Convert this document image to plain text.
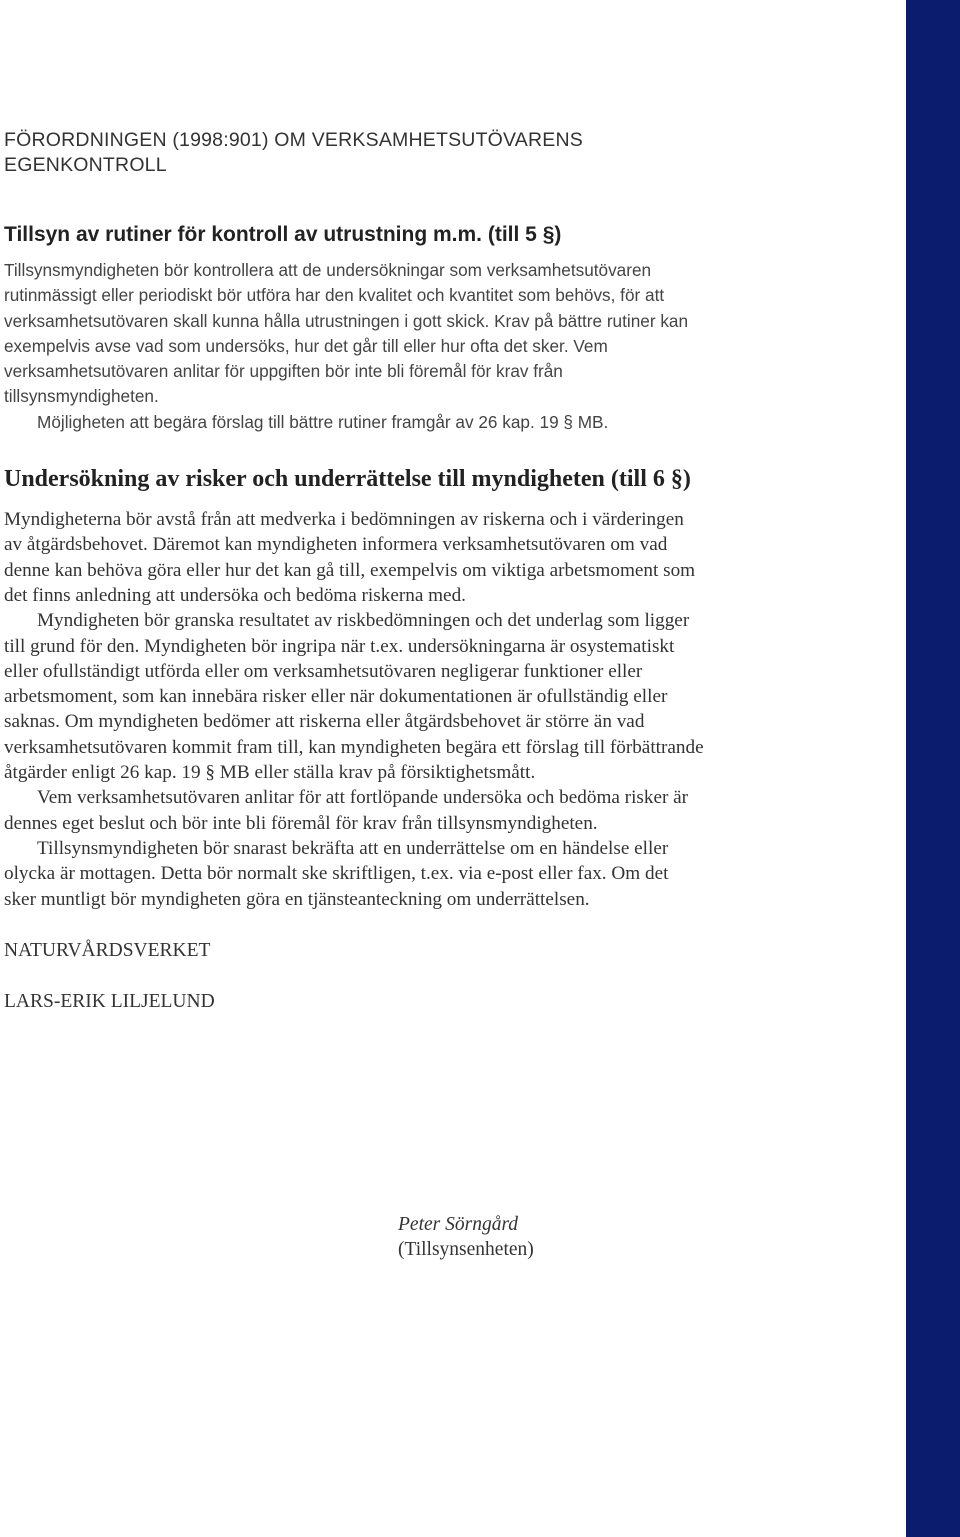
FÖRORDNINGEN (1998:901) OM VERKSAMHETSUTÖVARENS EGENKONTROLL

Tillsyn av rutiner för kontroll av utrustning m.m. (till 5 §)

Tillsynsmyndigheten bör kontrollera att de undersökningar som verksamhetsutövaren rutinmässigt eller periodiskt bör utföra har den kvalitet och kvantitet som behövs, för att verksamhetsutövaren skall kunna hålla utrustningen i gott skick. Krav på bättre rutiner kan exempelvis avse vad som undersöks, hur det går till eller hur ofta det sker. Vem verksamhetsutövaren anlitar för uppgiften bör inte bli föremål för krav från tillsynsmyndigheten.

Möjligheten att begära förslag till bättre rutiner framgår av 26 kap. 19 § MB.

Undersökning av risker och underrättelse till myndigheten (till 6 §)

Myndigheterna bör avstå från att medverka i bedömningen av riskerna och i värderingen av åtgärdsbehovet. Däremot kan myndigheten informera verksamhetsutövaren om vad denne kan behöva göra eller hur det kan gå till, exempelvis om viktiga arbetsmoment som det finns anledning att undersöka och bedöma riskerna med.

Myndigheten bör granska resultatet av riskbedömningen och det underlag som ligger till grund för den. Myndigheten bör ingripa när t.ex. undersökningarna är osystematiskt eller ofullständigt utförda eller om verksamhetsutövaren negligerar funktioner eller arbetsmoment, som kan innebära risker eller när dokumentationen är ofullständig eller saknas. Om myndigheten bedömer att riskerna eller åtgärdsbehovet är större än vad verksamhetsutövaren kommit fram till, kan myndigheten begära ett förslag till förbättrande åtgärder enligt 26 kap. 19 § MB eller ställa krav på försiktighetsmått.

Vem verksamhetsutövaren anlitar för att fortlöpande undersöka och bedöma risker är dennes eget beslut och bör inte bli föremål för krav från tillsynsmyndigheten.

Tillsynsmyndigheten bör snarast bekräfta att en underrättelse om en händelse eller olycka är mottagen. Detta bör normalt ske skriftligen, t.ex. via e-post eller fax. Om det sker muntligt bör myndigheten göra en tjänsteanteckning om underrättelsen.

NATURVÅRDSVERKET

LARS-ERIK LILJELUND

Peter Sörngård

(Tillsynsenheten)
